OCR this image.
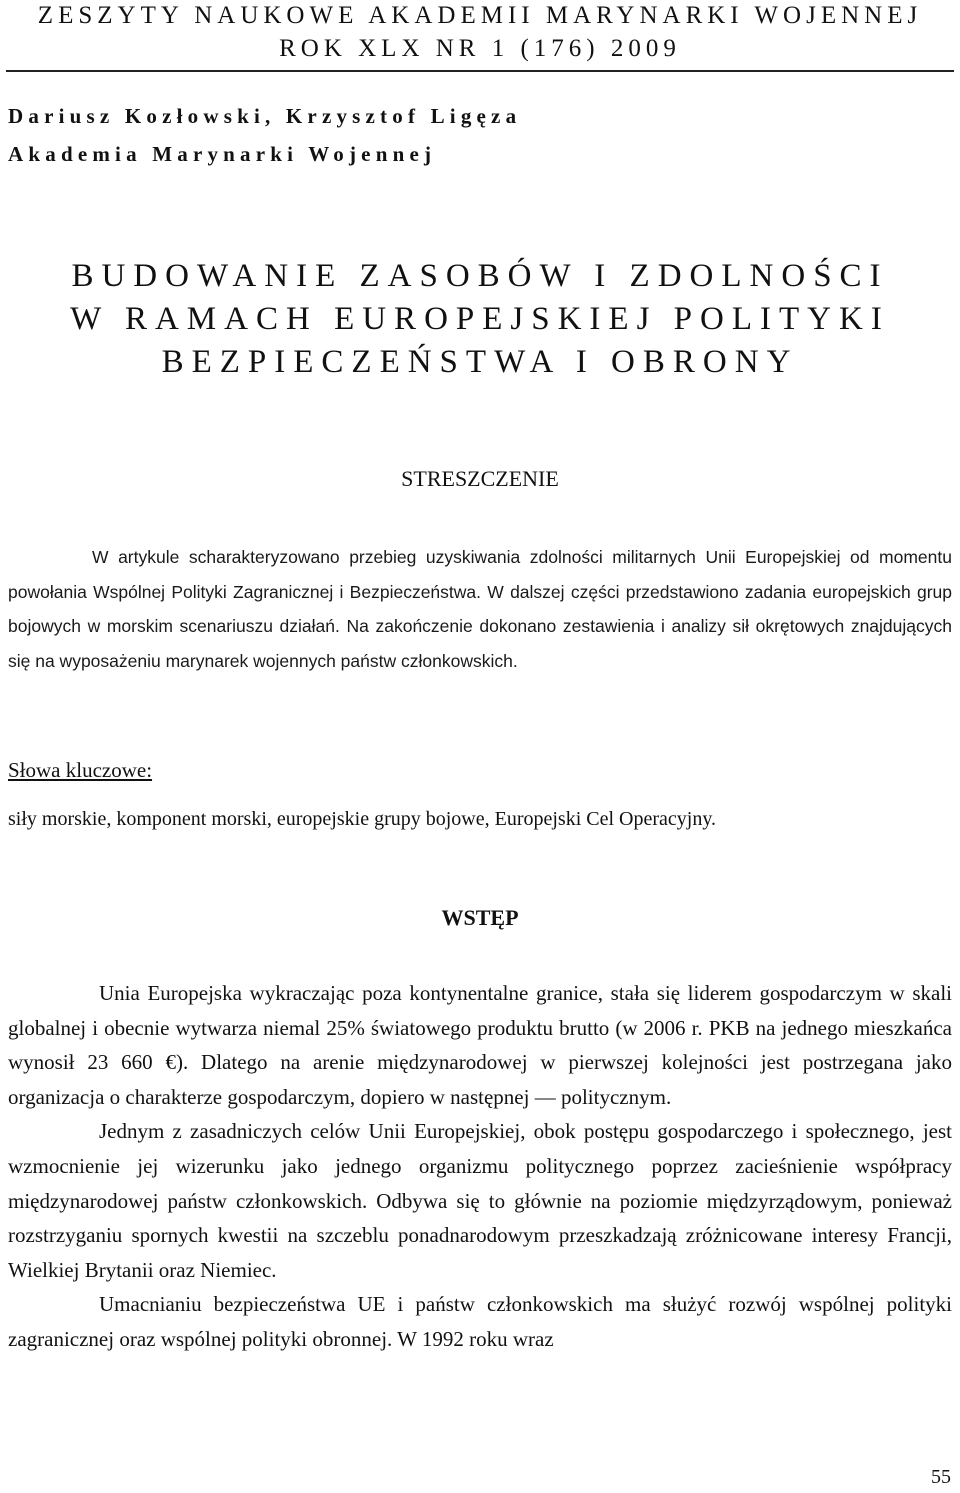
ZESZYTY NAUKOWE AKADEMII MARYNARKI WOJENNEJ
ROK XLX NR 1 (176) 2009
Dariusz Kozłowski, Krzysztof Ligęza
Akademia Marynarki Wojennej
BUDOWANIE ZASOBÓW I ZDOLNOŚCI
W RAMACH EUROPEJSKIEJ POLITYKI
BEZPIECZEŃSTWA I OBRONY
STRESZCZENIE

W artykule scharakteryzowano przebieg uzyskiwania zdolności militarnych Unii Europejskiej od momentu powołania Wspólnej Polityki Zagranicznej i Bezpieczeństwa. W dalszej części przedstawiono zadania europejskich grup bojowych w morskim scenariuszu działań. Na zakończenie dokonano zestawienia i analizy sił okrętowych znajdujących się na wyposażeniu marynarek wojennych państw członkowskich.

Słowa kluczowe:
siły morskie, komponent morski, europejskie grupy bojowe, Europejski Cel Operacyjny.
WSTĘP

Unia Europejska wykraczając poza kontynentalne granice, stała się liderem gospodarczym w skali globalnej i obecnie wytwarza niemal 25% światowego produktu brutto (w 2006 r. PKB na jednego mieszkańca wynosił 23 660 €). Dlatego na arenie międzynarodowej w pierwszej kolejności jest postrzegana jako organizacja o charakterze gospodarczym, dopiero w następnej — politycznym.

Jednym z zasadniczych celów Unii Europejskiej, obok postępu gospodarczego i społecznego, jest wzmocnienie jej wizerunku jako jednego organizmu politycznego poprzez zacieśnienie współpracy międzynarodowej państw członkowskich. Odbywa się to głównie na poziomie międzyrządowym, ponieważ rozstrzyganiu spornych kwestii na szczeblu ponadnarodowym przeszkadzają zróżnicowane interesy Francji, Wielkiej Brytanii oraz Niemiec.

Umacnianiu bezpieczeństwa UE i państw członkowskich ma służyć rozwój wspólnej polityki zagranicznej oraz wspólnej polityki obronnej. W 1992 roku wraz

55
